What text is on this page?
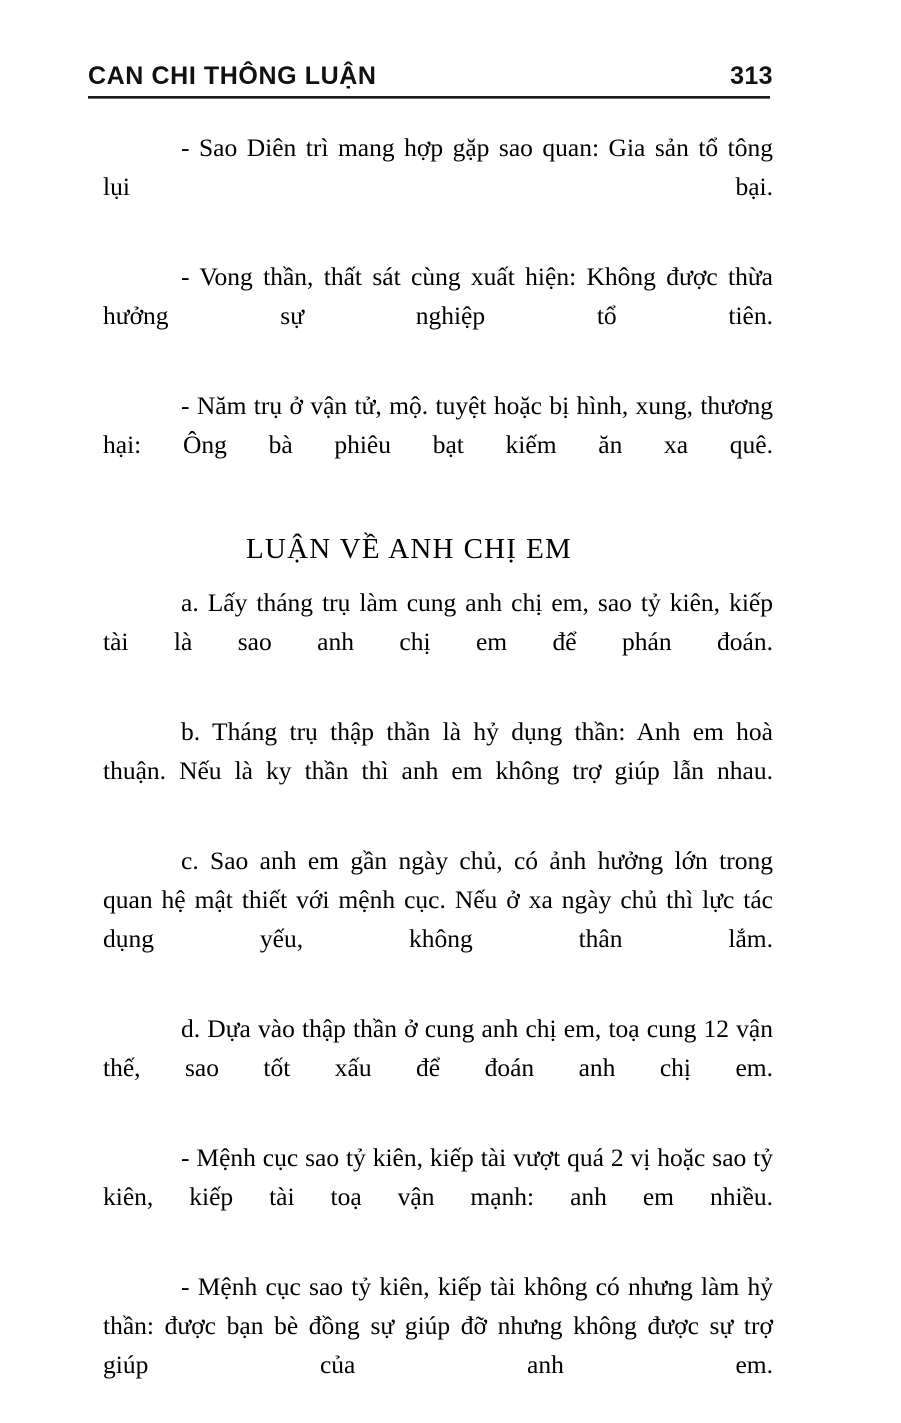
CAN CHI THÔNG LUẬN	313

- Sao Diên trì mang hợp gặp sao quan: Gia sản tổ tông lụi bại.

- Vong thần, thất sát cùng xuất hiện: Không được thừa hưởng sự nghiệp tổ tiên.

- Năm trụ ở vận tử, mộ. tuyệt hoặc bị hình, xung, thương hại: Ông bà phiêu bạt kiếm ăn xa quê.

LUẬN VỀ ANH CHỊ EM

a. Lấy tháng trụ làm cung anh chị em, sao tỷ kiên, kiếp tài là sao anh chị em để phán đoán.

b. Tháng trụ thập thần là hỷ dụng thần: Anh em hoà thuận. Nếu là ky thần thì anh em không trợ giúp lẫn nhau.

c. Sao anh em gần ngày chủ, có ảnh hưởng lớn trong quan hệ mật thiết với mệnh cục. Nếu ở xa ngày chủ thì lực tác dụng yếu, không thân lắm.

d. Dựa vào thập thần ở cung anh chị em, toạ cung 12 vận thế, sao tốt xấu để đoán anh chị em.

- Mệnh cục sao tỷ kiên, kiếp tài vượt quá 2 vị hoặc sao tỷ kiên, kiếp tài toạ vận mạnh: anh em nhiều.

- Mệnh cục sao tỷ kiên, kiếp tài không có nhưng làm hỷ thần: được bạn bè đồng sự giúp đỡ nhưng không được sự trợ giúp của anh em.
